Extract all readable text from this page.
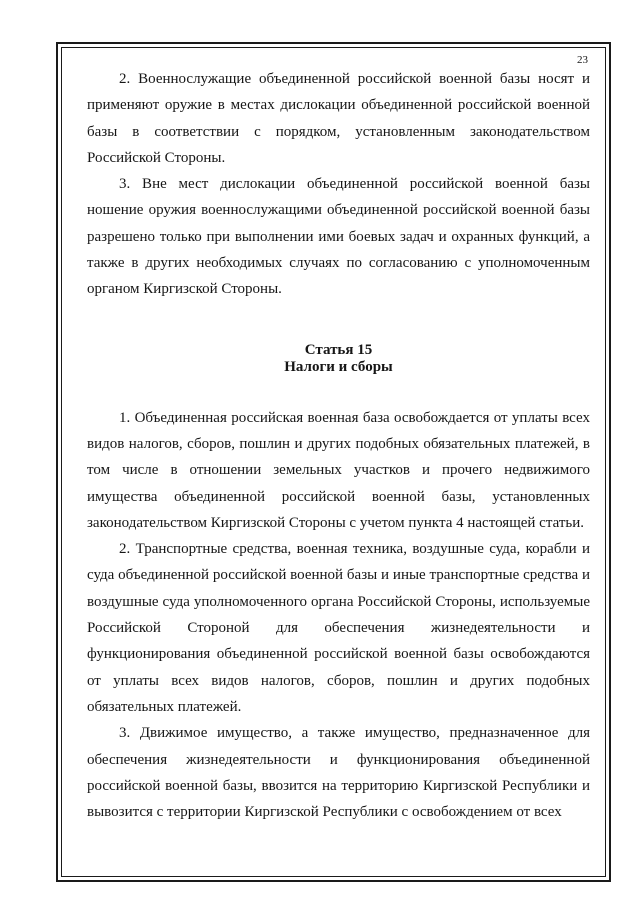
23

2. Военнослужащие объединенной российской военной базы носят и применяют оружие в местах дислокации объединенной российской военной базы в соответствии с порядком, установленным законодательством Российской Стороны.

3. Вне мест дислокации объединенной российской военной базы ношение оружия военнослужащими объединенной российской военной базы разрешено только при выполнении ими боевых задач и охранных функций, а также в других необходимых случаях по согласованию с уполномоченным органом Киргизской Стороны.

Статья 15
Налоги и сборы

1. Объединенная российская военная база освобождается от уплаты всех видов налогов, сборов, пошлин и других подобных обязательных платежей, в том числе в отношении земельных участков и прочего недвижимого имущества объединенной российской военной базы, установленных законодательством Киргизской Стороны с учетом пункта 4 настоящей статьи.

2. Транспортные средства, военная техника, воздушные суда, корабли и суда объединенной российской военной базы и иные транспортные средства и воздушные суда уполномоченного органа Российской Стороны, используемые Российской Стороной для обеспечения жизнедеятельности и функционирования объединенной российской военной базы освобождаются от уплаты всех видов налогов, сборов, пошлин и других подобных обязательных платежей.

3. Движимое имущество, а также имущество, предназначенное для обеспечения жизнедеятельности и функционирования объединенной российской военной базы, ввозится на территорию Киргизской Республики и вывозится с территории Киргизской Республики с освобождением от всех
